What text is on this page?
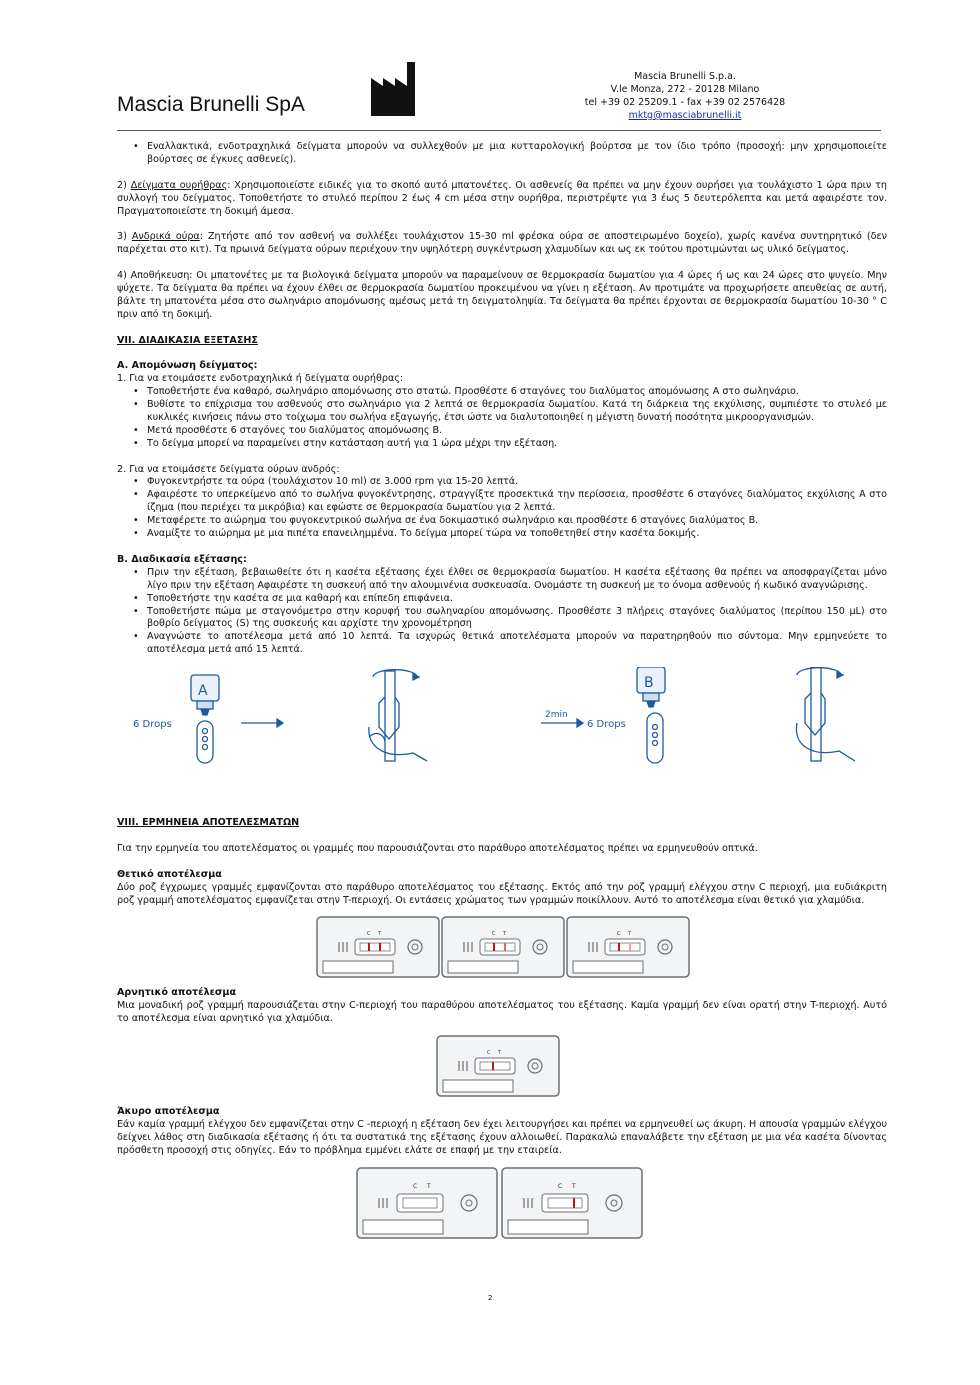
Mascia Brunelli SpA
Mascia Brunelli S.p.a.
V.le Monza, 272 - 20128 Milano
tel +39 02 25209.1 - fax +39 02 2576428
mktg@masciabrunelli.it
• Εναλλακτικά, ενδοτραχηλικά δείγματα μπορούν να συλλεχθούν με μια κυτταρολογική βούρτσα με τον ίδιο τρόπο (προσοχή: μην χρησιμοποιείτε βούρτσες σε έγκυες ασθενείς).

2) Δείγματα ουρήθρας: Χρησιμοποιείστε ειδικές για το σκοπό αυτό μπατονέτες. Οι ασθενείς θα πρέπει να μην έχουν ουρήσει για τουλάχιστο 1 ώρα πριν τη συλλογή του δείγματος. Τοποθετήστε το στυλεό περίπου 2 έως 4 cm μέσα στην ουρήθρα, περιστρέψτε για 3 έως 5 δευτερόλεπτα και μετά αφαιρέστε τον. Πραγματοποιείστε τη δοκιμή άμεσα.

3) Ανδρικά ούρα: Ζητήστε από τον ασθενή να συλλέξει τουλάχιστον 15-30 ml φρέσκα ούρα σε αποστειρωμένο δοχείο), χωρίς κανένα συντηρητικό (δεν παρέχεται στο κιτ). Τα πρωινά δείγματα ούρων περιέχουν την υψηλότερη συγκέντρωση χλαμυδίων και ως εκ τούτου προτιμώνται ως υλικό δείγματος.

4) Αποθήκευση: Οι μπατονέτες με τα βιολογικά δείγματα μπορούν να παραμείνουν σε θερμοκρασία δωματίου για 4 ώρες ή ως και 24 ώρες στο ψυγείο. Μην ψύχετε. Τα δείγματα θα πρέπει να έχουν έλθει σε θερμοκρασία δωματίου προκειμένου να γίνει η εξέταση. Αν προτιμάτε να προχωρήσετε απευθείας σε αυτή, βάλτε τη μπατονέτα μέσα στο σωληνάριο απομόνωσης αμέσως μετά τη δειγματοληψία. Τα δείγματα θα πρέπει έρχονται σε θερμοκρασία δωματίου 10-30 ° C πριν από τη δοκιμή.

VII. ΔΙΑΔΙΚΑΣΙΑ ΕΞΕΤΑΣΗΣ

A. Απομόνωση δείγματος:

1. Για να ετοιμάσετε ενδοτραχηλικά ή δείγματα ουρήθρας:

• Τοποθετήστε ένα καθαρό, σωληνάριο απομόνωσης στο στατώ. Προσθέστε 6 σταγόνες του διαλύματος απομόνωσης Α στο σωληνάριο.
• Βυθίστε το επίχρισμα του ασθενούς στο σωληνάριο για 2 λεπτά σε θερμοκρασία δωματίου. Κατά τη διάρκεια της εκχύλισης, συμπιέστε το στυλεό με κυκλικές κινήσεις πάνω στο τοίχωμα του σωλήνα εξαγωγής, έτσι ώστε να διαλυτοποιηθεί η μέγιστη δυνατή ποσότητα μικροοργανισμών.
• Μετά προσθέστε 6 σταγόνες του διαλύματος απομόνωσης Β.
• Το δείγμα μπορεί να παραμείνει στην κατάσταση αυτή για 1 ώρα μέχρι την εξέταση.

2. Για να ετοιμάσετε δείγματα ούρων ανδρός:

• Φυγοκεντρήστε τα ούρα (τουλάχιστον 10 ml) σε 3.000 rpm για 15-20 λεπτά.
• Αφαιρέστε το υπερκείμενο από το σωλήνα φυγοκέντρησης, στραγγίξτε προσεκτικά την περίσσεια, προσθέστε 6 σταγόνες διαλύματος εκχύλισης Α στο ίζημα (που περιέχει τα μικρόβια) και εφώστε σε θερμοκρασία δωματίου για 2 λεπτά.
• Μεταφέρετε το αιώρημα του φυγοκεντρικού σωλήνα σε ένα δοκιμαστικό σωληνάριο και προσθέστε 6 σταγόνες διαλύματος Β.
• Αναμίξτε το αιώρημα με μια πιπέτα επανειλημμένα. Το δείγμα μπορεί τώρα να τοποθετηθεί στην κασέτα δοκιμής.

B. Διαδικασία εξέτασης:

• Πριν την εξέταση, βεβαιωθείτε ότι η κασέτα εξέτασης έχει έλθει σε θερμοκρασία δωματίου. Η κασέτα εξέτασης θα πρέπει να αποσφραγίζεται μόνο λίγο πριν την εξέταση Αφαιρέστε τη συσκευή από την αλουμινένια συσκευασία. Ονομάστε τη συσκευή με το όνομα ασθενούς ή κωδικό αναγνώρισης.
• Τοποθετήστε την κασέτα σε μια καθαρή και επίπεδη επιφάνεια.
• Τοποθετήστε πώμα με σταγονόμετρο στην κορυφή του σωληναρίου απομόνωσης. Προσθέστε 3 πλήρεις σταγόνες διαλύματος (περίπου 150 μL) στο βοθρίο δείγματος (S) της συσκευής και αρχίστε την χρονομέτρηση
• Αναγνώστε το αποτέλεσμα μετά από 10 λεπτά. Τα ισχυρώς θετικά αποτελέσματα μπορούν να παρατηρηθούν πιο σύντομα. Μην ερμηνεύετε το αποτέλεσμα μετά από 15 λεπτά.
2min
A	B
6 Drops	6 Drops

VIII. ΕΡΜΗΝΕΙΑ ΑΠΟΤΕΛΕΣΜΑΤΩΝ

Για την ερμηνεία του αποτελέσματος οι γραμμές που παρουσιάζονται στο παράθυρο αποτελέσματος πρέπει να ερμηνευθούν οπτικά.

Θετικό αποτέλεσμα

Δύο ροζ έγχρωμες γραμμές εμφανίζονται στο παράθυρο αποτελέσματος του εξέτασης. Εκτός από την ροζ γραμμή ελέγχου στην C περιοχή, μια ευδιάκριτη ροζ γραμμή αποτελέσματος εμφανίζεται στην T-περιοχή. Οι εντάσεις χρώματος των γραμμών ποικίλλουν. Αυτό το αποτέλεσμα είναι θετικό για χλαμύδια.

C T	C T	C T

Αρνητικό αποτέλεσμα

Μια μοναδική ροζ γραμμή παρουσιάζεται στην C-περιοχή του παραθύρου αποτελέσματος του εξέτασης. Καμία γραμμή δεν είναι ορατή στην T-περιοχή. Αυτό το αποτέλεσμα είναι αρνητικό για χλαμύδια.

C T

Άκυρο αποτέλεσμα

Εάν καμία γραμμή ελέγχου δεν εμφανίζεται στην C -περιοχή η εξέταση δεν έχει λειτουργήσει και πρέπει να ερμηνευθεί ως άκυρη. Η απουσία γραμμών ελέγχου δείχνει λάθος στη διαδικασία εξέτασης ή ότι τα συστατικά της εξέτασης έχουν αλλοιωθεί. Παρακαλώ επαναλάβετε την εξέταση με μια νέα κασέτα δίνοντας πρόσθετη προσοχή στις οδηγίες. Εάν το πρόβλημα εμμένει ελάτε σε επαφή με την εταιρεία.

C T	C T
2
